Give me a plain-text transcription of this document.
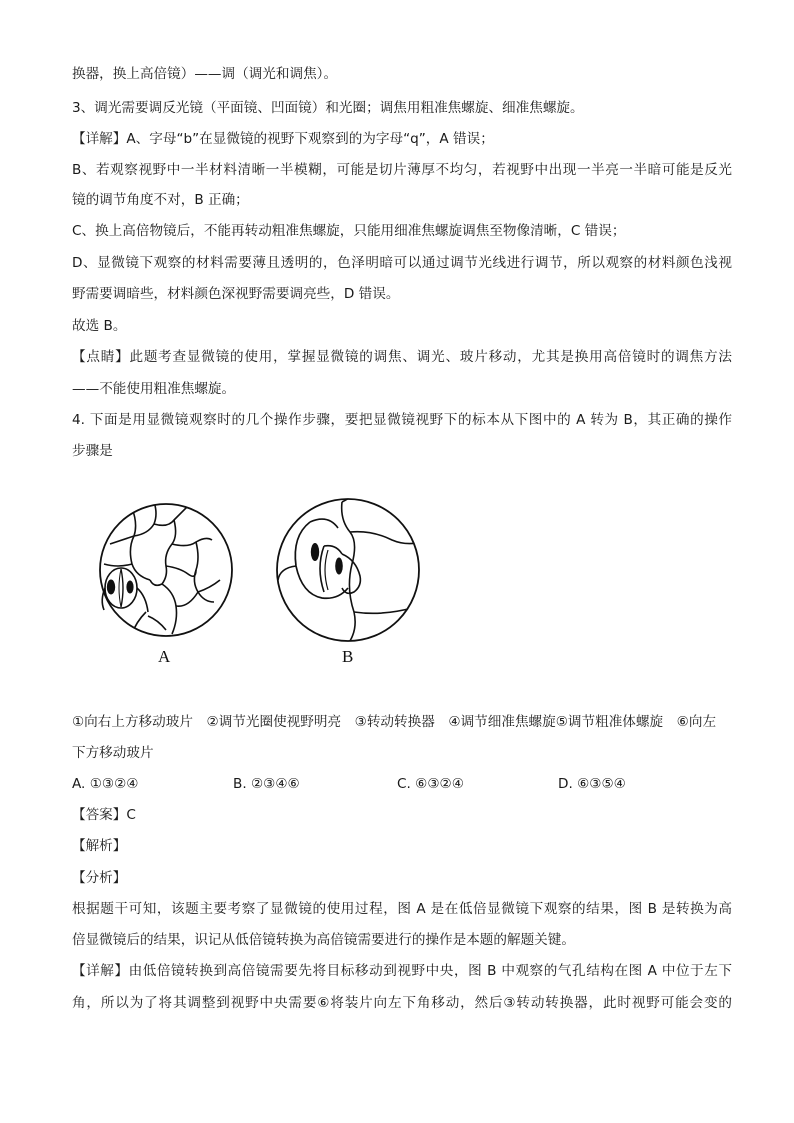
换器，换上高倍镜）——调（调光和调焦）。
3、调光需要调反光镜（平面镜、凹面镜）和光圈；调焦用粗准焦螺旋、细准焦螺旋。
【详解】A、字母“b”在显微镜的视野下观察到的为字母“q”，A 错误；
B、若观察视野中一半材料清晰一半模糊，可能是切片薄厚不均匀，若视野中出现一半亮一半暗可能是反光
镜的调节角度不对，B 正确；
C、换上高倍物镜后，不能再转动粗准焦螺旋，只能用细准焦螺旋调焦至物像清晰，C 错误；
D、显微镜下观察的材料需要薄且透明的，色泽明暗可以通过调节光线进行调节，所以观察的材料颜色浅视
野需要调暗些，材料颜色深视野需要调亮些，D 错误。
故选 B。
【点睛】此题考查显微镜的使用，掌握显微镜的调焦、调光、玻片移动，尤其是换用高倍镜时的调焦方法
——不能使用粗准焦螺旋。
4. 下面是用显微镜观察时的几个操作步骤，要把显微镜视野下的标本从下图中的 A 转为 B，其正确的操作
步骤是
A	B
①向右上方移动玻片　②调节光圈使视野明亮　③转动转换器　④调节细准焦螺旋⑤调节粗准体螺旋　⑥向左
下方移动玻片
A. ①③②④	B. ②③④⑥	C. ⑥③②④	D. ⑥③⑤④
【答案】C
【解析】
【分析】
根据题干可知，该题主要考察了显微镜的使用过程，图 A 是在低倍显微镜下观察的结果，图 B 是转换为高
倍显微镜后的结果，识记从低倍镜转换为高倍镜需要进行的操作是本题的解题关键。
【详解】由低倍镜转换到高倍镜需要先将目标移动到视野中央，图 B 中观察的气孔结构在图 A 中位于左下
角，所以为了将其调整到视野中央需要⑥将装片向左下角移动，然后③转动转换器，此时视野可能会变的
